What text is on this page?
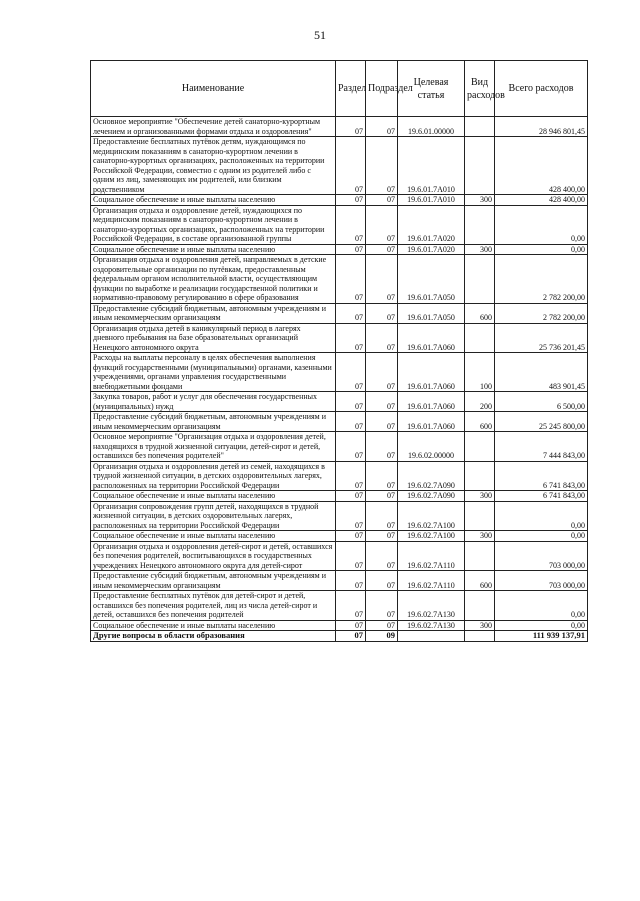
51
Наименование	Раздел	Подраздел	Целевая статья	Вид расходов	Всего расходов
Основное мероприятие "Обеспечение детей санаторно-курортным лечением и организованными формами отдыха и оздоровления"	07	07	19.6.01.00000		28 946 801,45
Предоставление бесплатных путёвок детям, нуждающимся по медицинским показаниям в санаторно-курортном лечении в санаторно-курортных организациях, расположенных на территории Российской Федерации, совместно с одним из родителей либо с одним из лиц, заменяющих им родителей, или близким родственником	07	07	19.6.01.7А010		428 400,00
Социальное обеспечение и иные выплаты населению	07	07	19.6.01.7А010	300	428 400,00
Организация отдыха и оздоровление детей, нуждающихся по медицинским показаниям в санаторно-курортном лечении в санаторно-курортных организациях, расположенных на территории Российской Федерации, в составе организованной группы	07	07	19.6.01.7А020		0,00
Социальное обеспечение и иные выплаты населению	07	07	19.6.01.7А020	300	0,00
Организация отдыха и оздоровления детей, направляемых в детские оздоровительные организации по путёвкам, предоставленным федеральным органом исполнительной власти, осуществляющим функции по выработке и реализации государственной политики и нормативно-правовому регулированию в сфере образования	07	07	19.6.01.7А050		2 782 200,00
Предоставление субсидий бюджетным, автономным учреждениям и иным некоммерческим организациям	07	07	19.6.01.7А050	600	2 782 200,00
Организация отдыха детей в каникулярный период в лагерях дневного пребывания на базе образовательных организаций Ненецкого автономного округа	07	07	19.6.01.7А060		25 736 201,45
Расходы на выплаты персоналу в целях обеспечения выполнения функций государственными (муниципальными) органами, казенными учреждениями, органами управления государственными внебюджетными фондами	07	07	19.6.01.7А060	100	483 901,45
Закупка товаров, работ и услуг для обеспечения государственных (муниципальных) нужд	07	07	19.6.01.7А060	200	6 500,00
Предоставление субсидий бюджетным, автономным учреждениям и иным некоммерческим организациям	07	07	19.6.01.7А060	600	25 245 800,00
Основное мероприятие "Организация отдыха и оздоровления детей, находящихся в трудной жизненной ситуации, детей-сирот и детей, оставшихся без попечения родителей"	07	07	19.6.02.00000		7 444 843,00
Организация отдыха и оздоровления детей из семей, находящихся в трудной жизненной ситуации, в детских оздоровительных лагерях, расположенных на территории Российской Федерации	07	07	19.6.02.7А090		6 741 843,00
Социальное обеспечение и иные выплаты населению	07	07	19.6.02.7А090	300	6 741 843,00
Организация сопровождения групп детей, находящихся в трудной жизненной ситуации, в детских оздоровительных лагерях, расположенных на территории Российской Федерации	07	07	19.6.02.7А100		0,00
Социальное обеспечение и иные выплаты населению	07	07	19.6.02.7А100	300	0,00
Организация отдыха и оздоровления детей-сирот и детей, оставшихся без попечения родителей, воспитывающихся в государственных учреждениях Ненецкого автономного округа для детей-сирот	07	07	19.6.02.7А110		703 000,00
Предоставление субсидий бюджетным, автономным учреждениям и иным некоммерческим организациям	07	07	19.6.02.7А110	600	703 000,00
Предоставление бесплатных путёвок для детей-сирот и детей, оставшихся без попечения родителей, лиц из числа детей-сирот и детей, оставшихся без попечения родителей	07	07	19.6.02.7А130		0,00
Социальное обеспечение и иные выплаты населению	07	07	19.6.02.7А130	300	0,00
Другие вопросы в области образования	07	09			111 939 137,91
